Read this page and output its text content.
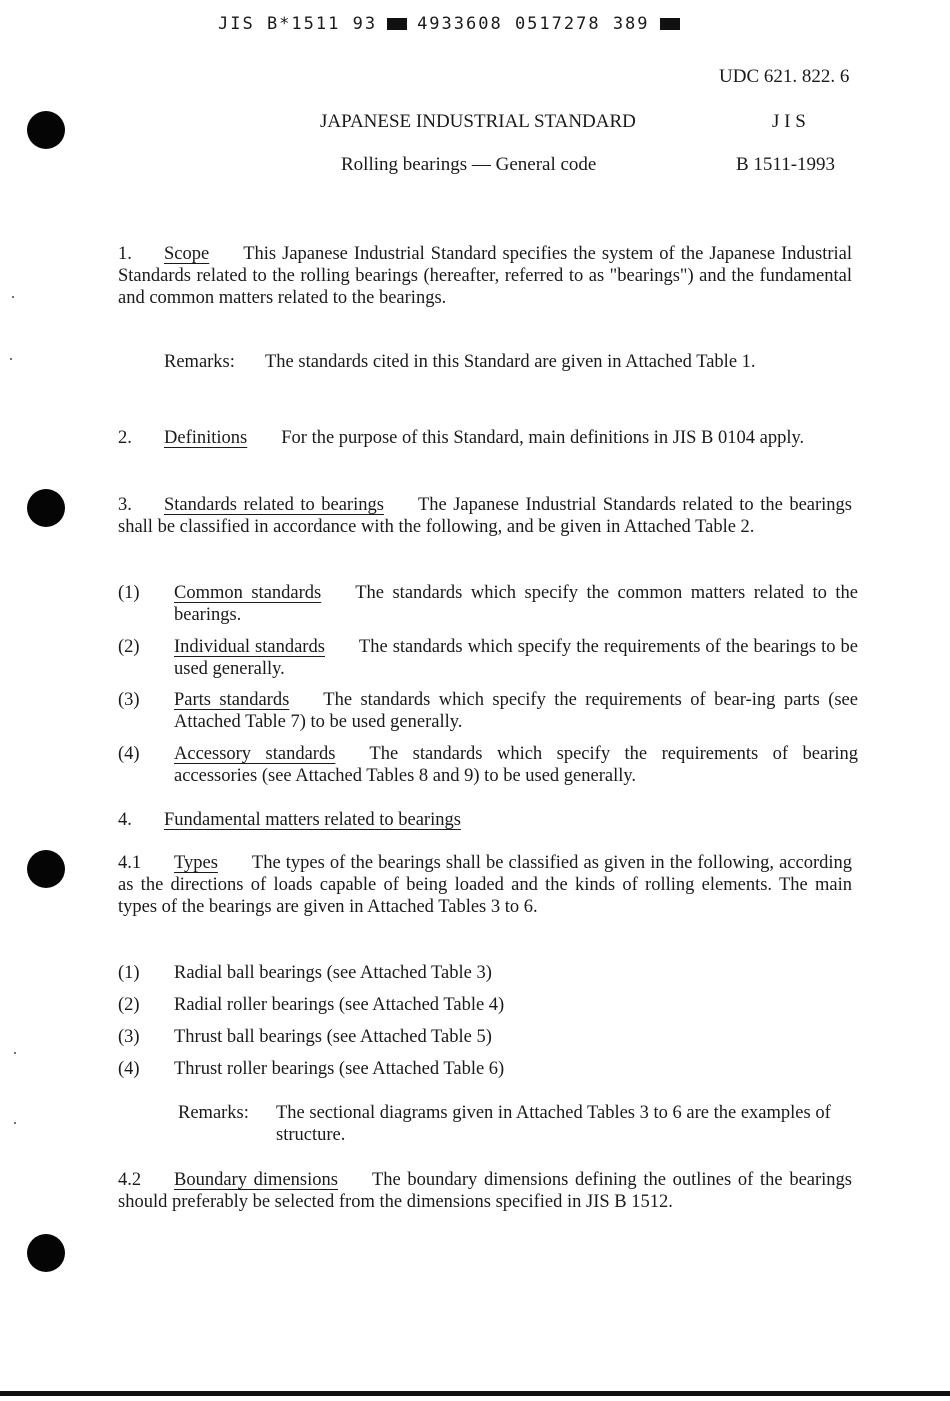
JIS B*1511 93 4933608 0517278 389
UDC 621. 822. 6
JAPANESE INDUSTRIAL STANDARD	J I S
Rolling bearings — General code	B 1511-1993
1. Scope This Japanese Industrial Standard specifies the system of the Japanese Industrial Standards related to the rolling bearings (hereafter, referred to as "bearings") and the fundamental and common matters related to the bearings.
Remarks: The standards cited in this Standard are given in Attached Table 1.
2. Definitions For the purpose of this Standard, main definitions in JIS B 0104 apply.
3. Standards related to bearings The Japanese Industrial Standards related to the bearings shall be classified in accordance with the following, and be given in Attached Table 2.
(1) Common standards The standards which specify the common matters related to the bearings.
(2) Individual standards The standards which specify the requirements of the bearings to be used generally.
(3) Parts standards The standards which specify the requirements of bear-ing parts (see Attached Table 7) to be used generally.
(4) Accessory standards The standards which specify the requirements of bearing accessories (see Attached Tables 8 and 9) to be used generally.
4. Fundamental matters related to bearings
4.1 Types The types of the bearings shall be classified as given in the following, according as the directions of loads capable of being loaded and the kinds of rolling elements. The main types of the bearings are given in Attached Tables 3 to 6.
(1) Radial ball bearings (see Attached Table 3)
(2) Radial roller bearings (see Attached Table 4)
(3) Thrust ball bearings (see Attached Table 5)
(4) Thrust roller bearings (see Attached Table 6)
Remarks: The sectional diagrams given in Attached Tables 3 to 6 are the examples of structure.
4.2 Boundary dimensions The boundary dimensions defining the outlines of the bearings should preferably be selected from the dimensions specified in JIS B 1512.
